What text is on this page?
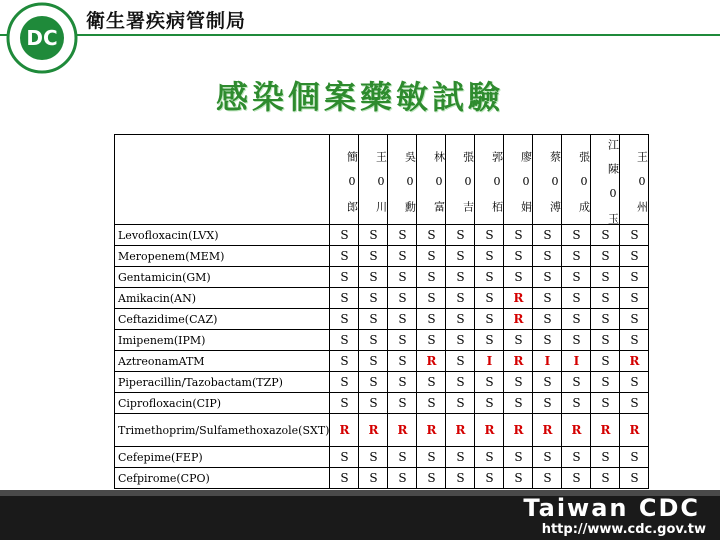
DC
衛生署疾病管制局
感染個案藥敏試驗
	簡 0 郎	王 0 川	吳 0 勳	林 0 富	張 0 吉	郭 0 栢	廖 0 娟	蔡 0 溥	張 0 成	江 陳 0 玉	王 0 州
Levofloxacin(LVX)	S	S	S	S	S	S	S	S	S	S	S
Meropenem(MEM)	S	S	S	S	S	S	S	S	S	S	S
Gentamicin(GM)	S	S	S	S	S	S	S	S	S	S	S
Amikacin(AN)	S	S	S	S	S	S	R	S	S	S	S
Ceftazidime(CAZ)	S	S	S	S	S	S	R	S	S	S	S
Imipenem(IPM)	S	S	S	S	S	S	S	S	S	S	S
AztreonamATM	S	S	S	R	S	I	R	I	I	S	R
Piperacillin/Tazobactam(TZP)	S	S	S	S	S	S	S	S	S	S	S
Ciprofloxacin(CIP)	S	S	S	S	S	S	S	S	S	S	S
Trimethoprim/Sulfamethoxazole(SXT)	R	R	R	R	R	R	R	R	R	R	R
Cefepime(FEP)	S	S	S	S	S	S	S	S	S	S	S
Cefpirome(CPO)	S	S	S	S	S	S	S	S	S	S	S
Taiwan CDC
http://www.cdc.gov.tw
